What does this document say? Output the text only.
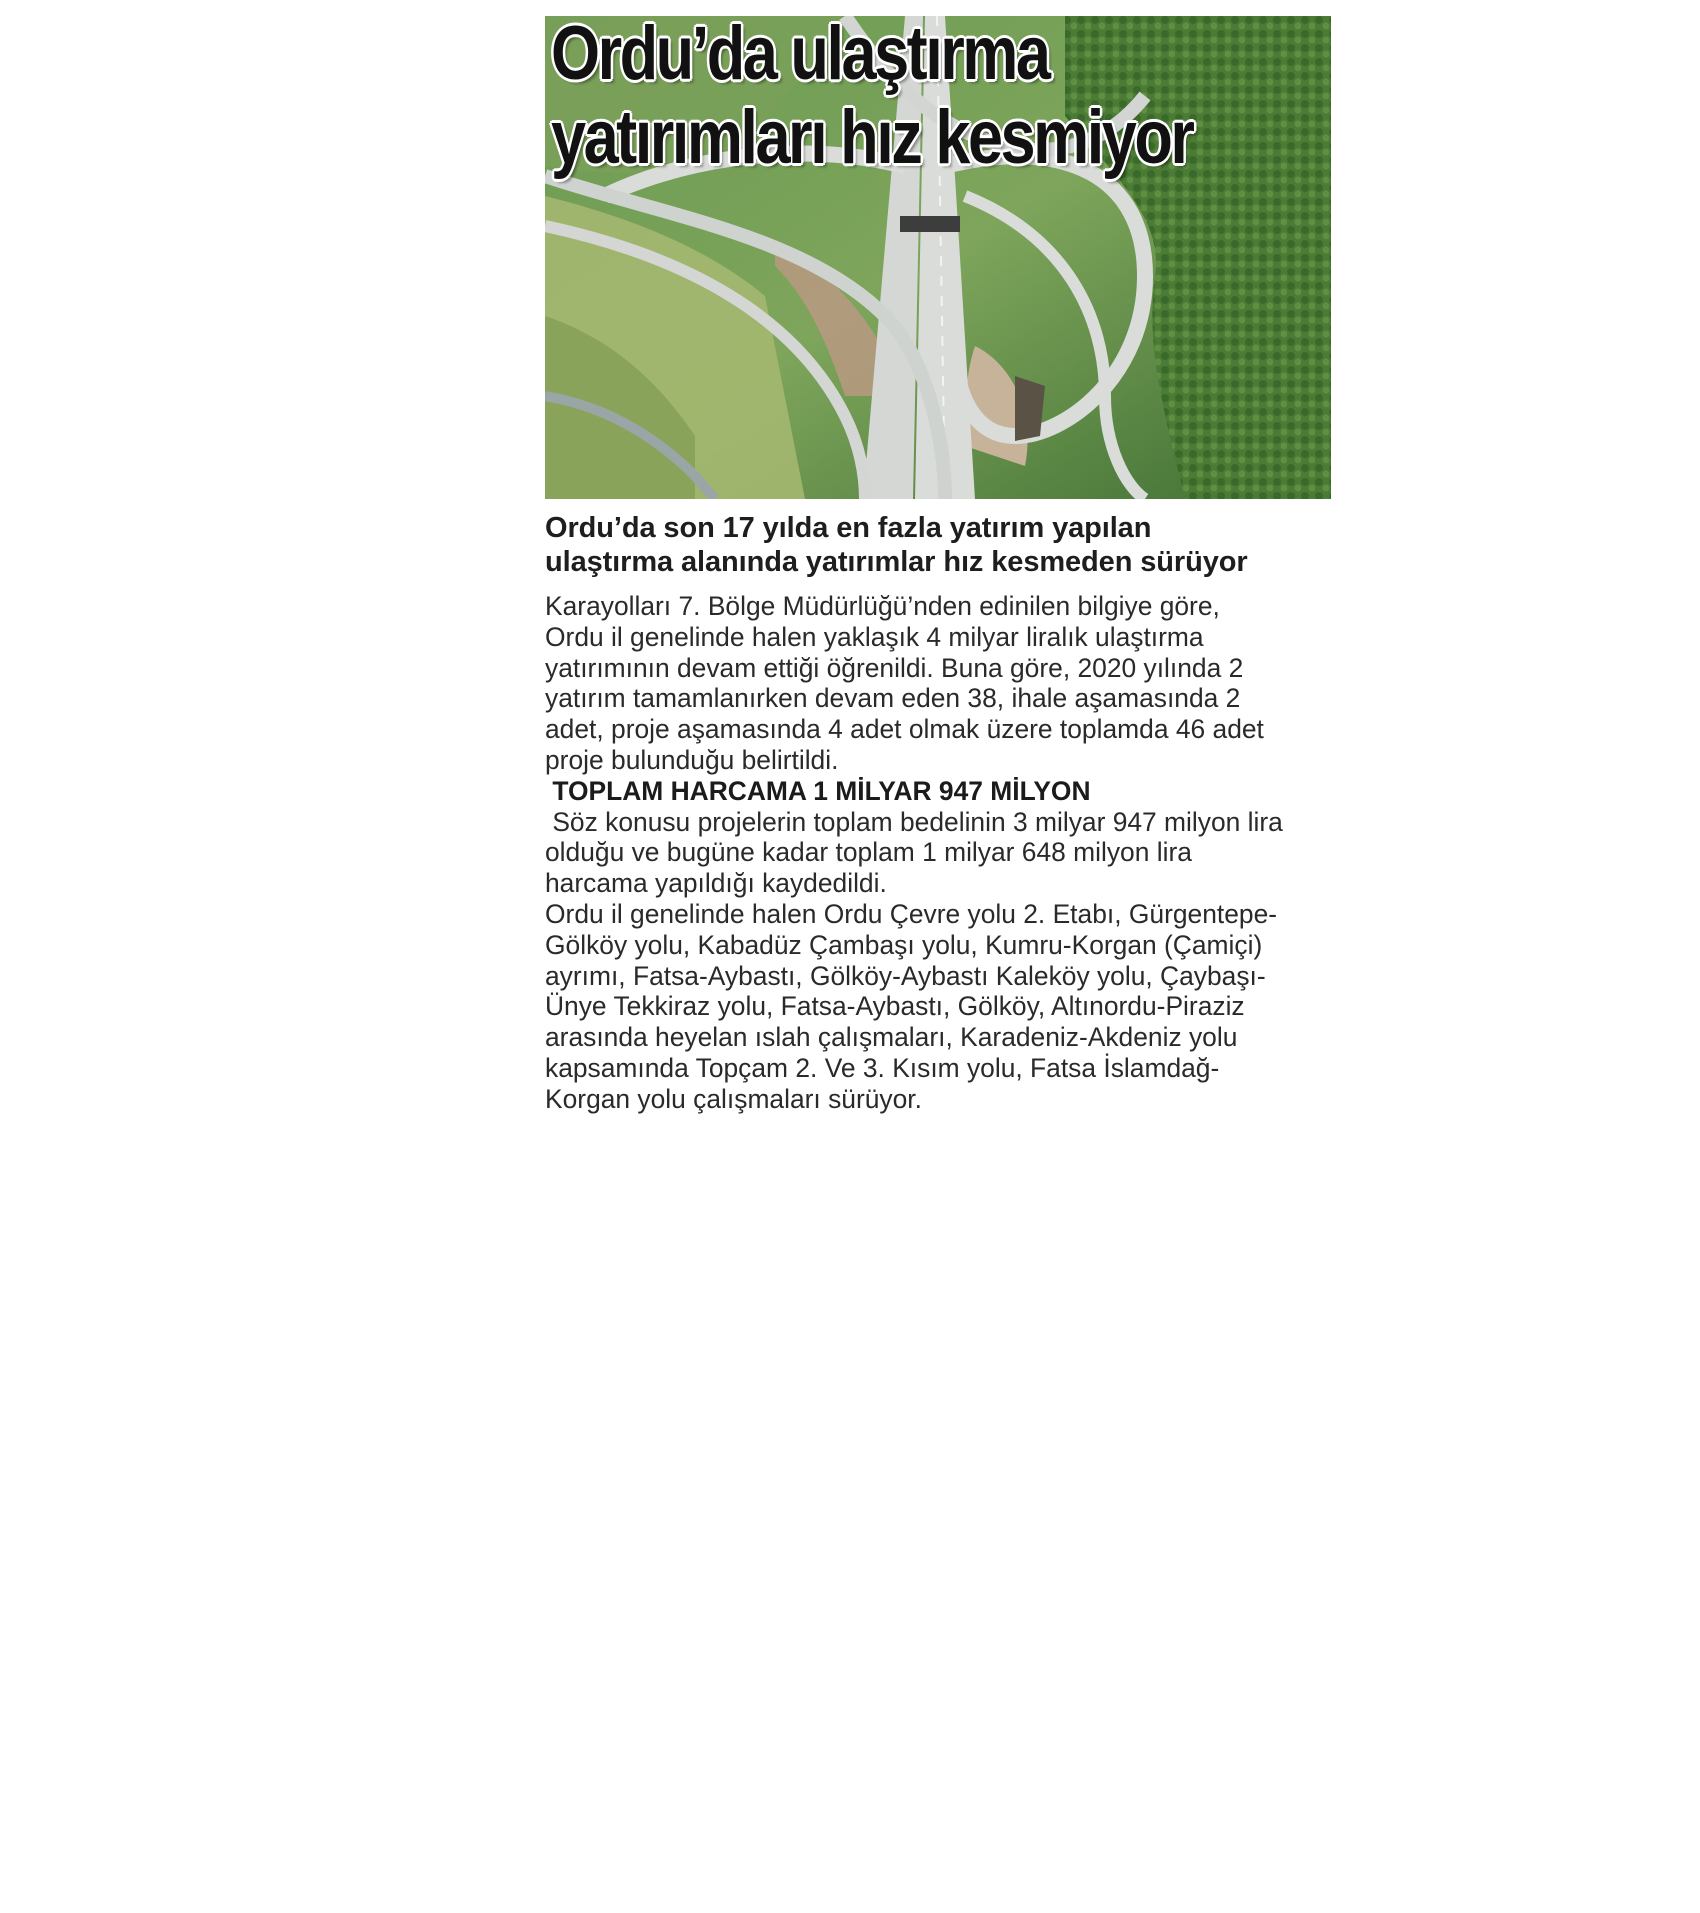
Ordu’da ulaştırma
yatırımları hız kesmiyor
Ordu’da son 17 yılda en fazla yatırım yapılan
ulaştırma alanında yatırımlar hız kesmeden sürüyor
Karayolları 7. Bölge Müdürlüğü’nden edinilen bilgiye göre,
Ordu il genelinde halen yaklaşık 4 milyar liralık ulaştırma
yatırımının devam ettiği öğrenildi. Buna göre, 2020 yılında 2
yatırım tamamlanırken devam eden 38, ihale aşamasında 2
adet, proje aşamasında 4 adet olmak üzere toplamda 46 adet
proje bulunduğu belirtildi.
TOPLAM HARCAMA 1 MİLYAR 947 MİLYON
Söz konusu projelerin toplam bedelinin 3 milyar 947 milyon lira
olduğu ve bugüne kadar toplam 1 milyar 648 milyon lira
harcama yapıldığı kaydedildi.
Ordu il genelinde halen Ordu Çevre yolu 2. Etabı, Gürgentepe-
Gölköy yolu, Kabadüz Çambaşı yolu, Kumru-Korgan (Çamiçi)
ayrımı, Fatsa-Aybastı, Gölköy-Aybastı Kaleköy yolu, Çaybaşı-
Ünye Tekkiraz yolu, Fatsa-Aybastı, Gölköy, Altınordu-Piraziz
arasında heyelan ıslah çalışmaları, Karadeniz-Akdeniz yolu
kapsamında Topçam 2. Ve 3. Kısım yolu, Fatsa İslamdağ-
Korgan yolu çalışmaları sürüyor.
